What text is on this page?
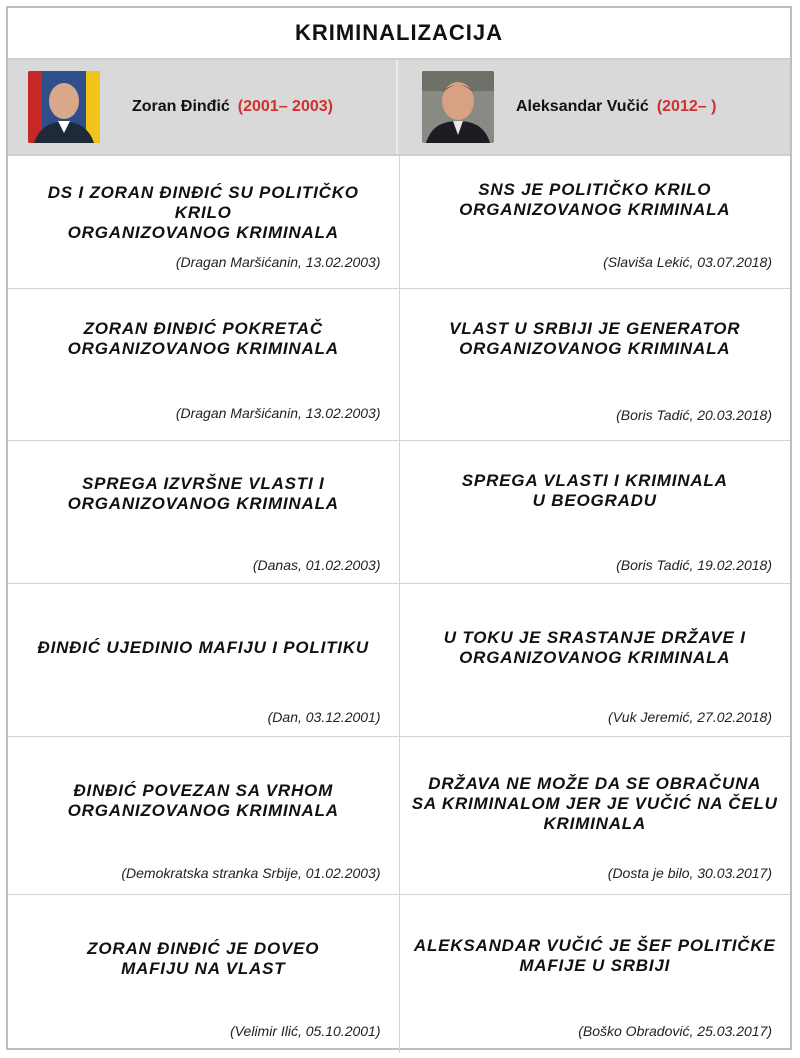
KRIMINALIZACIJA
Zoran Đinđić (2001– 2003)	Aleksandar Vučić (2012– )
DS I ZORAN ĐINĐIĆ SU POLITIČKO KRILO
ORGANIZOVANOG KRIMINALA
(Dragan Maršićanin, 13.02.2003)
SNS JE POLITIČKO KRILO
ORGANIZOVANOG KRIMINALA
(Slaviša Lekić, 03.07.2018)
ZORAN ĐINĐIĆ POKRETAČ
ORGANIZOVANOG KRIMINALA
(Dragan Maršićanin, 13.02.2003)
VLAST U SRBIJI JE GENERATOR
ORGANIZOVANOG KRIMINALA
(Boris Tadić, 20.03.2018)
SPREGA IZVRŠNE VLASTI I
ORGANIZOVANOG KRIMINALA
(Danas, 01.02.2003)
SPREGA VLASTI I KRIMINALA
U BEOGRADU
(Boris Tadić, 19.02.2018)
ĐINĐIĆ UJEDINIO MAFIJU I POLITIKU
(Dan, 03.12.2001)
U TOKU JE SRASTANJE DRŽAVE I
ORGANIZOVANOG KRIMINALA
(Vuk Jeremić, 27.02.2018)
ĐINĐIĆ POVEZAN SA VRHOM
ORGANIZOVANOG KRIMINALA
(Demokratska stranka Srbije, 01.02.2003)
DRŽAVA NE MOŽE DA SE OBRAČUNA
SA KRIMINALOM JER JE VUČIĆ NA ČELU
KRIMINALA
(Dosta je bilo, 30.03.2017)
ZORAN ĐINĐIĆ JE DOVEO
MAFIJU NA VLAST
(Velimir Ilić, 05.10.2001)
ALEKSANDAR VUČIĆ JE ŠEF POLITIČKE
MAFIJE U SRBIJI
(Boško Obradović, 25.03.2017)
